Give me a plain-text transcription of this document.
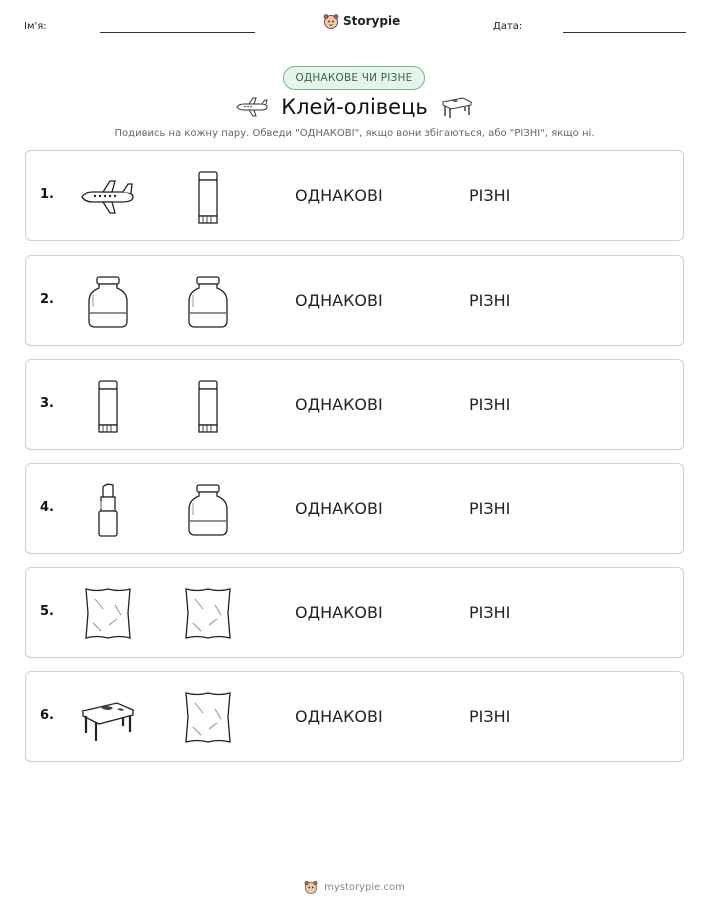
Ім'я:	Storypie	Дата:
ОДНАКОВЕ ЧИ РІЗНЕ
Клей-олівець
Подивись на кожну пару. Обведи "ОДНАКОВІ", якщо вони збігаються, або "РІЗНІ", якщо ні.
1.	ОДНАКОВІ	РІЗНІ
2.	ОДНАКОВІ	РІЗНІ
3.	ОДНАКОВІ	РІЗНІ
4.	ОДНАКОВІ	РІЗНІ
5.	ОДНАКОВІ	РІЗНІ
6.	ОДНАКОВІ	РІЗНІ
mystorypie.com
